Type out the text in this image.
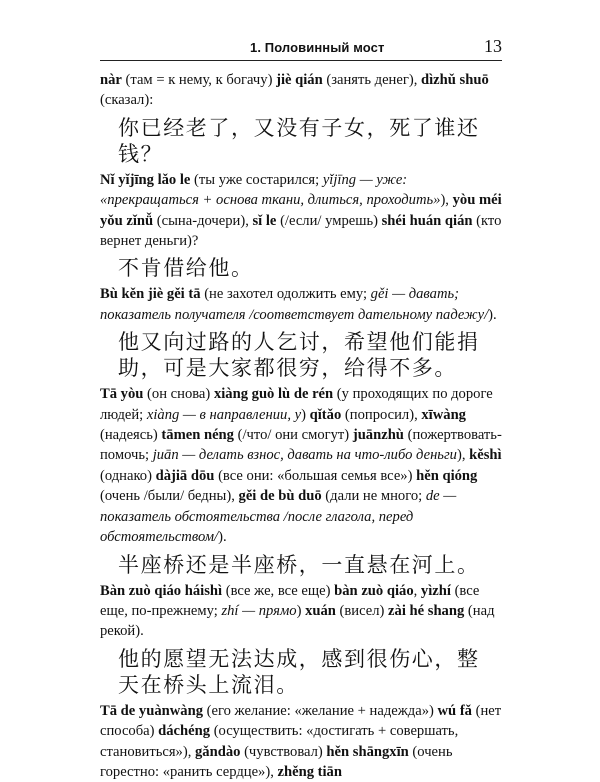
1. Половинный мост	13

nàr (там = к нему, к богачу) jiè qián (занять денег), dìzhǔ shuō (сказал):

你已经老了，又没有子女，死了谁还钱？

Nǐ yǐjīng lǎo le (ты уже состарился; yǐjīng — уже: «прекращаться + основа ткани, длиться, проходить»), yòu méi yǒu zǐnǚ (сына-дочери), sǐ le (/если/ умрешь) shéi huán qián (кто вернет деньги)?

不肯借给他。

Bù kěn jiè gěi tā (не захотел одолжить ему; gěi — давать; показатель получателя /соответствует дательному падежу/).

他又向过路的人乞讨，希望他们能捐助，可是大家都很穷，给得不多。

Tā yòu (он снова) xiàng guò lù de rén (у проходящих по дороге людей; xiàng — в направлении, у) qǐtǎo (попросил), xīwàng (надеясь) tāmen néng (/что/ они смогут) juānzhù (пожертвовать-помочь; juān — делать взнос, давать на что-либо деньги), kěshì (однако) dàjiā dōu (все они: «большая семья все») hěn qióng (очень /были/ бедны), gěi de bù duō (дали не много; de — показатель обстоятельства /после глагола, перед обстоятельством/).

半座桥还是半座桥，一直悬在河上。

Bàn zuò qiáo háishì (все же, все еще) bàn zuò qiáo, yìzhí (все еще, по-прежнему; zhí — прямо) xuán (висел) zài hé shang (над рекой).

他的愿望无法达成，感到很伤心，整天在桥头上流泪。

Tā de yuànwàng (его желание: «желание + надежда») wú fǎ (нет способа) dáchéng (осуществить: «достигать + совершать, становиться»), gǎndào (чувствовал) hěn shāngxīn (очень горестно: «ранить сердце»), zhěng tiān
